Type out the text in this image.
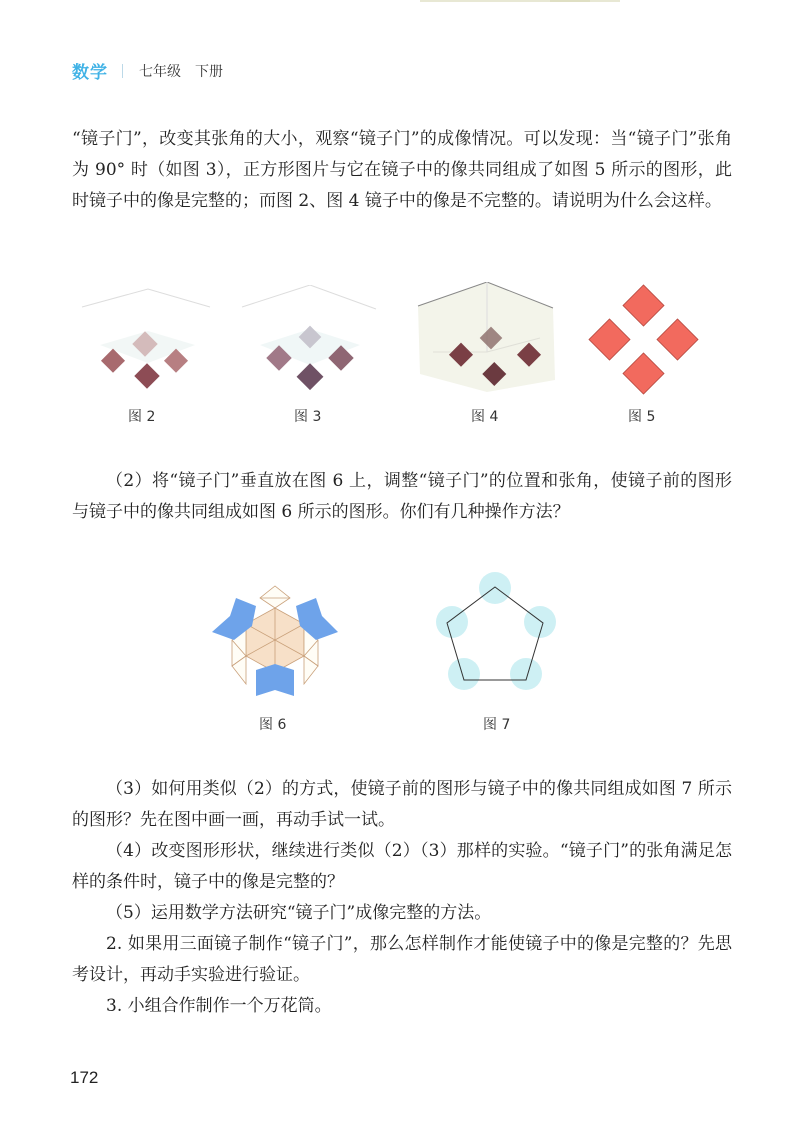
数学 七年级 下册
“镜子门”，改变其张角的大小，观察“镜子门”的成像情况。可以发现：当“镜子门”张角为 90° 时（如图 3），正方形图片与它在镜子中的像共同组成了如图 5 所示的图形，此时镜子中的像是完整的；而图 2、图 4 镜子中的像是不完整的。请说明为什么会这样。
图 2	图 3	图 4	图 5
（2）将“镜子门”垂直放在图 6 上，调整“镜子门”的位置和张角，使镜子前的图形与镜子中的像共同组成如图 6 所示的图形。你们有几种操作方法？
图 6	图 7
（3）如何用类似（2）的方式，使镜子前的图形与镜子中的像共同组成如图 7 所示的图形？先在图中画一画，再动手试一试。
（4）改变图形形状，继续进行类似（2）（3）那样的实验。“镜子门”的张角满足怎样的条件时，镜子中的像是完整的？
（5）运用数学方法研究“镜子门”成像完整的方法。
2. 如果用三面镜子制作“镜子门”，那么怎样制作才能使镜子中的像是完整的？先思考设计，再动手实验进行验证。
3. 小组合作制作一个万花筒。
172
